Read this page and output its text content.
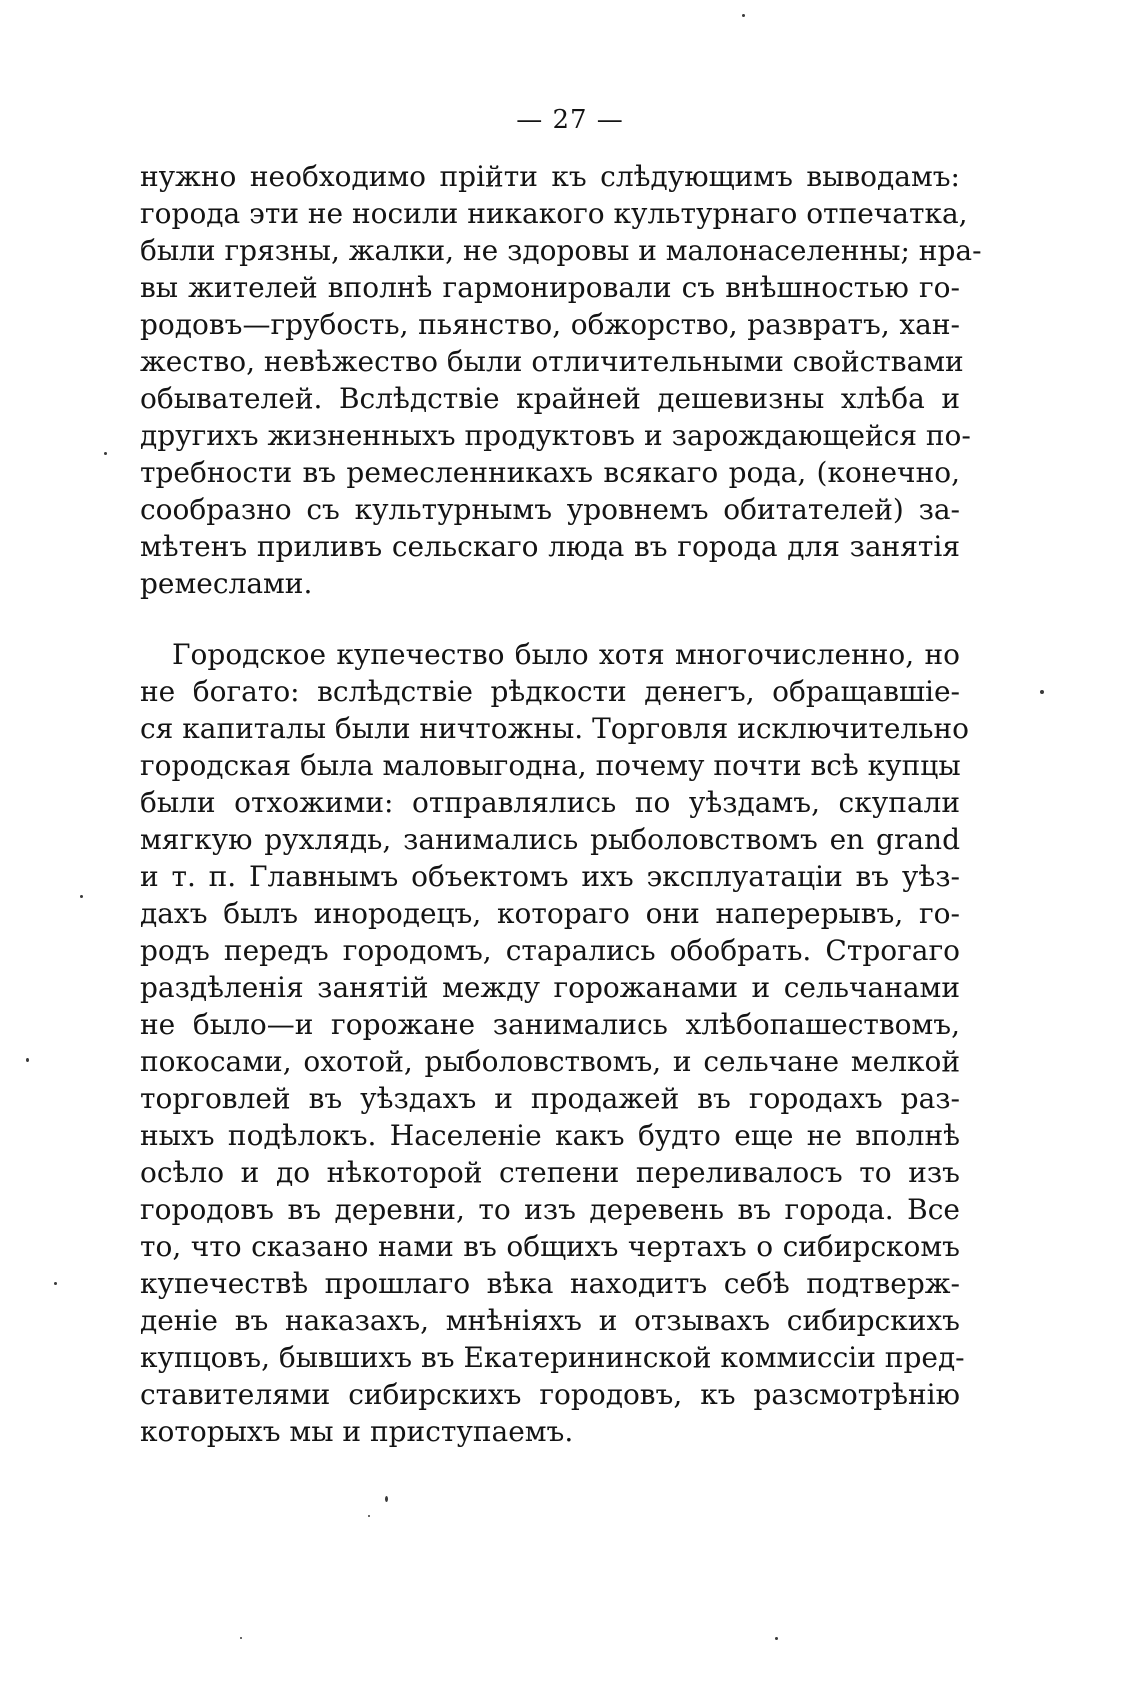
— 27 —
нужно необходимо прійти къ слѣдующимъ выводамъ:
города эти не носили никакого культурнаго отпечатка,
были грязны, жалки, не здоровы и малонаселенны; нра-
вы жителей вполнѣ гармонировали съ внѣшностью го-
родовъ—грубость, пьянство, обжорство, развратъ, хан-
жество, невѣжество были отличительными свойствами
обывателей. Вслѣдствіе крайней дешевизны хлѣба и
другихъ жизненныхъ продуктовъ и зарождающейся по-
требности въ ремесленникахъ всякаго рода, (конечно,
сообразно съ культурнымъ уровнемъ обитателей) за-
мѣтенъ приливъ сельскаго люда въ города для занятія
ремеслами.
Городское купечество было хотя многочисленно, но
не богато: вслѣдствіе рѣдкости денегъ, обращавшіе-
ся капиталы были ничтожны. Торговля исключительно
городская была маловыгодна, почему почти всѣ купцы
были отхожими: отправлялись по уѣздамъ, скупали
мягкую рухлядь, занимались рыболовствомъ en grand
и т. п. Главнымъ объектомъ ихъ эксплуатаціи въ уѣз-
дахъ былъ инородецъ, котораго они наперерывъ, го-
родъ передъ городомъ, старались обобрать. Строгаго
раздѣленія занятій между горожанами и сельчанами
не было—и горожане занимались хлѣбопашествомъ,
покосами, охотой, рыболовствомъ, и сельчане мелкой
торговлей въ уѣздахъ и продажей въ городахъ раз-
ныхъ подѣлокъ. Населеніе какъ будто еще не вполнѣ
осѣло и до нѣкоторой степени переливалосъ то изъ
городовъ въ деревни, то изъ деревень въ города. Все
то, что сказано нами въ общихъ чертахъ о сибирскомъ
купечествѣ прошлаго вѣка находитъ себѣ подтверж-
деніе въ наказахъ, мнѣніяхъ и отзывахъ сибирскихъ
купцовъ, бывшихъ въ Екатерининской коммиссіи пред-
ставителями сибирскихъ городовъ, къ разсмотрѣнію
которыхъ мы и приступаемъ.
